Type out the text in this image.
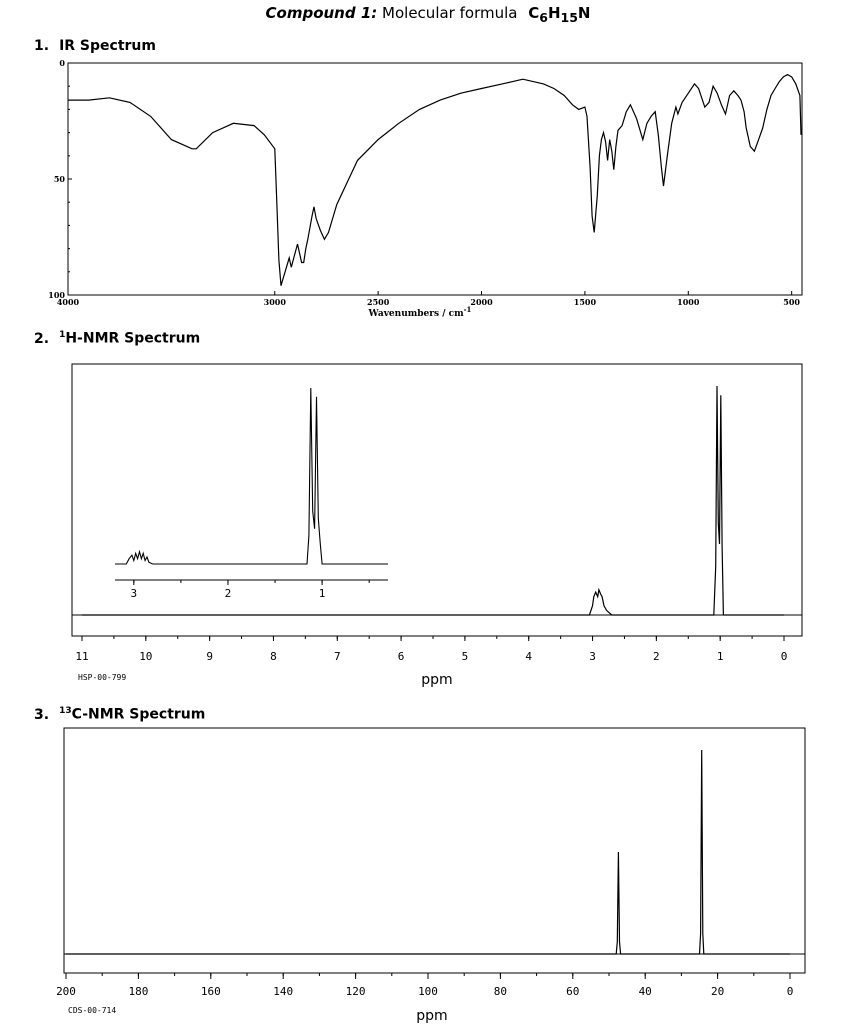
Compound 1: Molecular formula $C_6H_{15}N$
1. IR Spectrum
2. $^1$H-NMR Spectrum
3. $^{13}$C-NMR Spectrum
0
50
100
4000	3000	2500	2000	1500	1000	500
Wavenumbers / $cm^{-1}$
11	10	9	8	7	6	5	4	3	2	1	0
3	2	1
ppm
HSP-00-799
200	180	160	140	120	100	80	60	40	20	0
ppm
CDS-00-714
